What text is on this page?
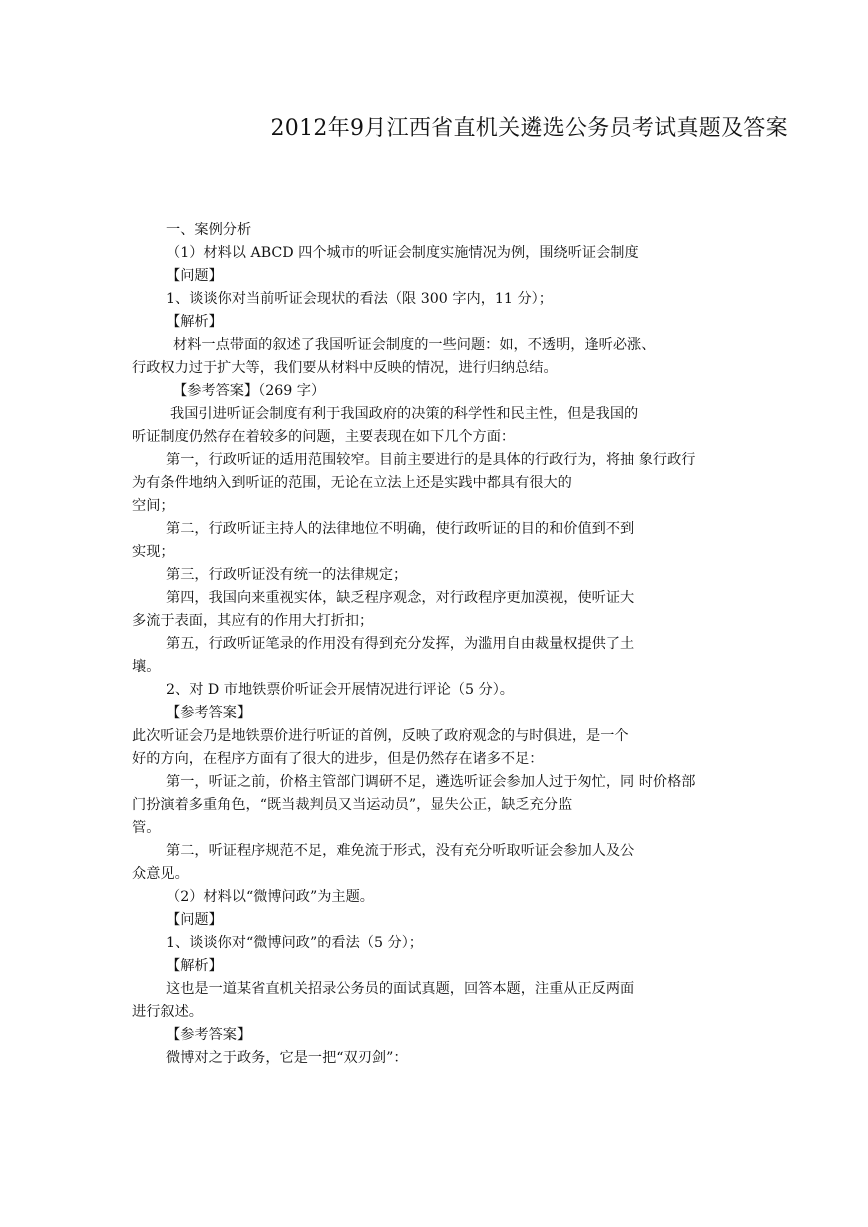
2012年9月江西省直机关遴选公务员考试真题及答案
一、案例分析
（1）材料以 ABCD 四个城市的听证会制度实施情况为例，围绕听证会制度
【问题】
1、谈谈你对当前听证会现状的看法（限 300 字内，11 分）；
【解析】
材料一点带面的叙述了我国听证会制度的一些问题：如，不透明，逢听必涨、
行政权力过于扩大等，我们要从材料中反映的情况，进行归纳总结。
【参考答案】（269 字）
我国引进听证会制度有利于我国政府的决策的科学性和民主性，但是我国的
听证制度仍然存在着较多的问题，主要表现在如下几个方面：
第一，行政听证的适用范围较窄。目前主要进行的是具体的行政行为，将抽 象行政行
为有条件地纳入到听证的范围，无论在立法上还是实践中都具有很大的
空间；
第二，行政听证主持人的法律地位不明确，使行政听证的目的和价值到不到
实现；
第三，行政听证没有统一的法律规定；
第四，我国向来重视实体，缺乏程序观念，对行政程序更加漠视，使听证大
多流于表面，其应有的作用大打折扣；
第五，行政听证笔录的作用没有得到充分发挥，为滥用自由裁量权提供了土
壤。
2、对 D 市地铁票价听证会开展情况进行评论（5 分）。
【参考答案】
此次听证会乃是地铁票价进行听证的首例，反映了政府观念的与时俱进，是一个
好的方向，在程序方面有了很大的进步，但是仍然存在诸多不足：
第一，听证之前，价格主管部门调研不足，遴选听证会参加人过于匆忙，同 时价格部
门扮演着多重角色，“既当裁判员又当运动员”，显失公正，缺乏充分监
管。
第二，听证程序规范不足，难免流于形式，没有充分听取听证会参加人及公
众意见。
（2）材料以“微博问政”为主题。
【问题】
1、谈谈你对“微博问政”的看法（5 分）；
【解析】
这也是一道某省直机关招录公务员的面试真题，回答本题，注重从正反两面
进行叙述。
【参考答案】
微博对之于政务，它是一把“双刃剑”：
